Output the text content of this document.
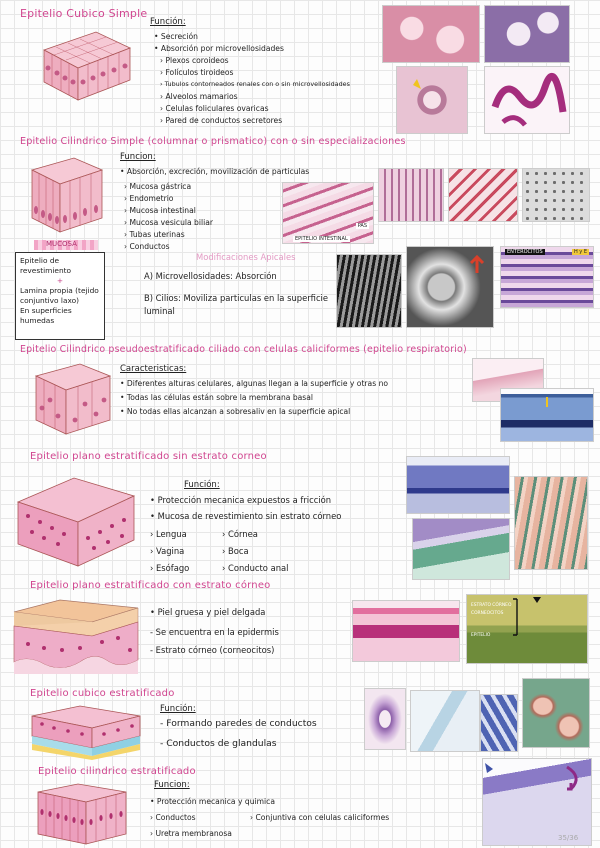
Epitelio Cubico Simple
Función:
• Secreción
• Absorción por microvellosidades
› Plexos coroideos
› Folículos tiroideos
› Tubulos contorneados renales con o sin microvellosidades
› Alveolos mamarios
› Celulas foliculares ovaricas
› Pared de conductos secretores
Epitelio Cilindrico Simple (columnar o prismatico) con o sin especializaciones
Funcion:
• Absorción, excreción, movilización de particulas
› Mucosa gástrica
› Endometrio
› Mucosa intestinal
› Mucosa vesicula biliar
› Tubas uterinas
› Conductos
MUCOSA
Epitelio de revestimiento
+
Lamina propia (tejido conjuntivo laxo)
En superficies humedas
Modificaciones Apicales
A) Microvellosidades: Absorción
B) Cilios: Moviliza particulas en la superficie luminal
PAS
EPITELIO INTESTINAL
ENTEROCITOS	H y E
Epitelio Cilindrico pseudoestratificado ciliado con celulas caliciformes (epitelio respiratorio)
Caracteristicas:
• Diferentes alturas celulares, algunas llegan a la superficie y otras no
• Todas las células están sobre la membrana basal
• No todas ellas alcanzan a sobresaliv en la superficie apical
Epitelio plano estratificado sin estrato corneo
Función:
• Protección mecanica expuestos a fricción
• Mucosa de revestimiento sin estrato córneo
› Lengua
› Vagina
› Esófago
› Córnea
› Boca
› Conducto anal
Epitelio plano estratificado con estrato córneo
• Piel gruesa y piel delgada
- Se encuentra en la epidermis
- Estrato córneo (corneocitos)
ESTRATO CÓRNEO
CORNEOCITOS
EPITELIO
Epitelio cubico estratificado
Función:
- Formando paredes de conductos
- Conductos de glandulas
Epitelio cilindrico estratificado
Funcion:
• Protección mecanica y quimica
› Conductos
› Uretra membranosa
› Conjuntiva con celulas caliciformes
35/36
